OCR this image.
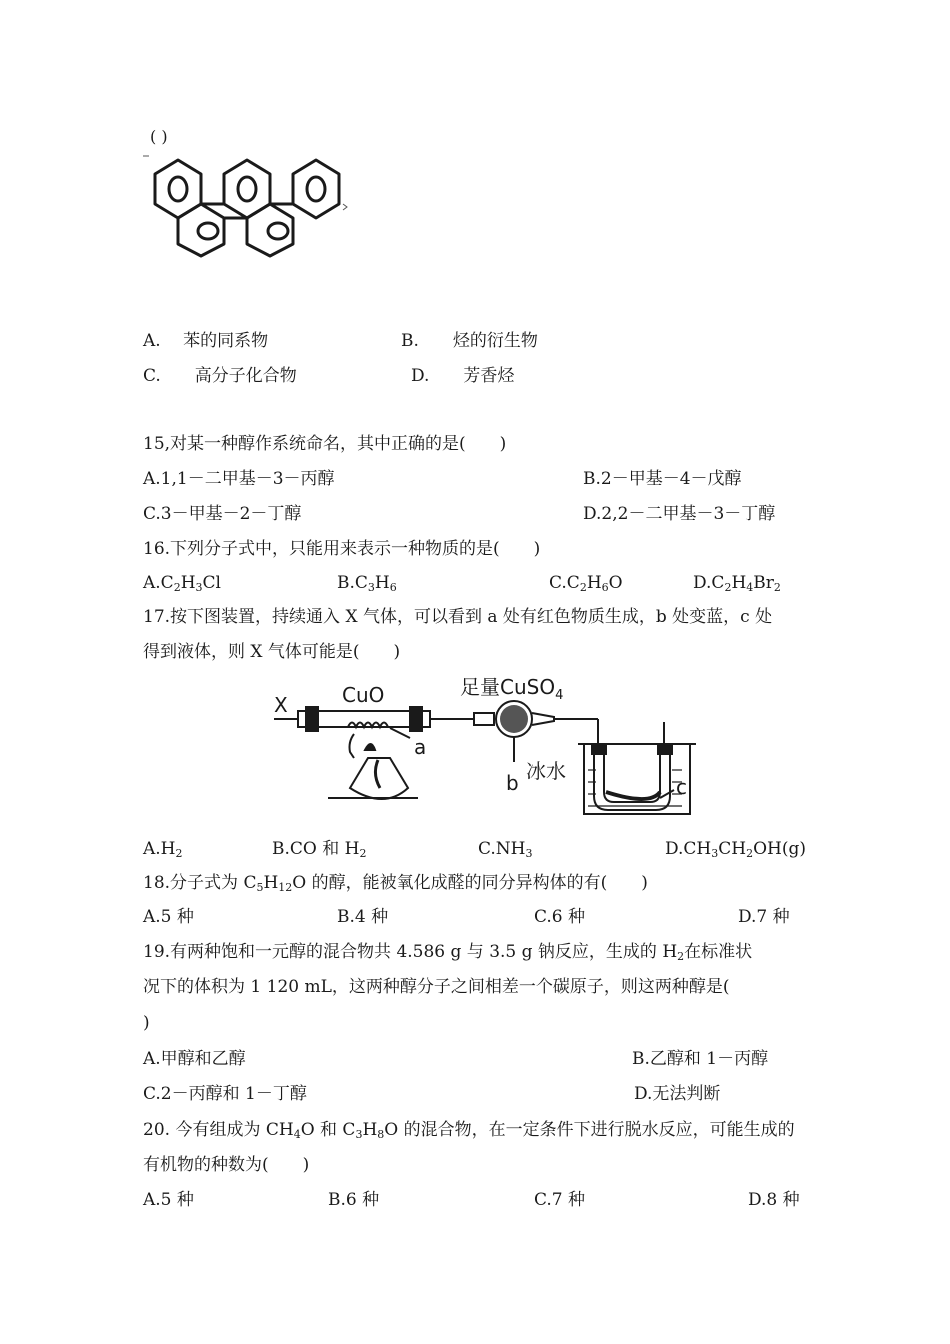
( )
A.　 苯的同系物	B.　　烃的衍生物
C.　　高分子化合物	D.　　芳香烃
15,对某一种醇作系统命名，其中正确的是(　　)
A.1,1－二甲基－3－丙醇	B.2－甲基－4－戊醇
C.3－甲基－2－丁醇	D.2,2－二甲基－3－丁醇
16.下列分子式中，只能用来表示一种物质的是(　　)
$A.C_2H_3Cl$	$B.C_3H_6$	$C.C_2H_6O$	$D.C_2H_4Br_2$
17.按下图装置，持续通入 X 气体，可以看到 a 处有红色物质生成，b 处变蓝，c 处
得到液体，则 X 气体可能是(　　)
X	CuO	足量CuSO$_4$
a
b 冰水
c
$A.H_2$	B.CO 和 $H_2$	$C.NH_3$	$D.CH_3CH_2OH(g)$
18.分子式为 $C_5H_{12}O$ 的醇，能被氧化成醛的同分异构体的有(　　)
A.5 种	B.4 种	C.6 种	D.7 种
19.有两种饱和一元醇的混合物共 4.586 g 与 3.5 g 钠反应，生成的 $H_2$在标准状
况下的体积为 1 120 mL，这两种醇分子之间相差一个碳原子，则这两种醇是(
)
A.甲醇和乙醇	B.乙醇和 1－丙醇
C.2－丙醇和 1－丁醇	D.无法判断
20. 今有组成为 $CH_4O$ 和 $C_3H_8O$ 的混合物，在一定条件下进行脱水反应，可能生成的
有机物的种数为(　　)
A.5 种	B.6 种	C.7 种	D.8 种
